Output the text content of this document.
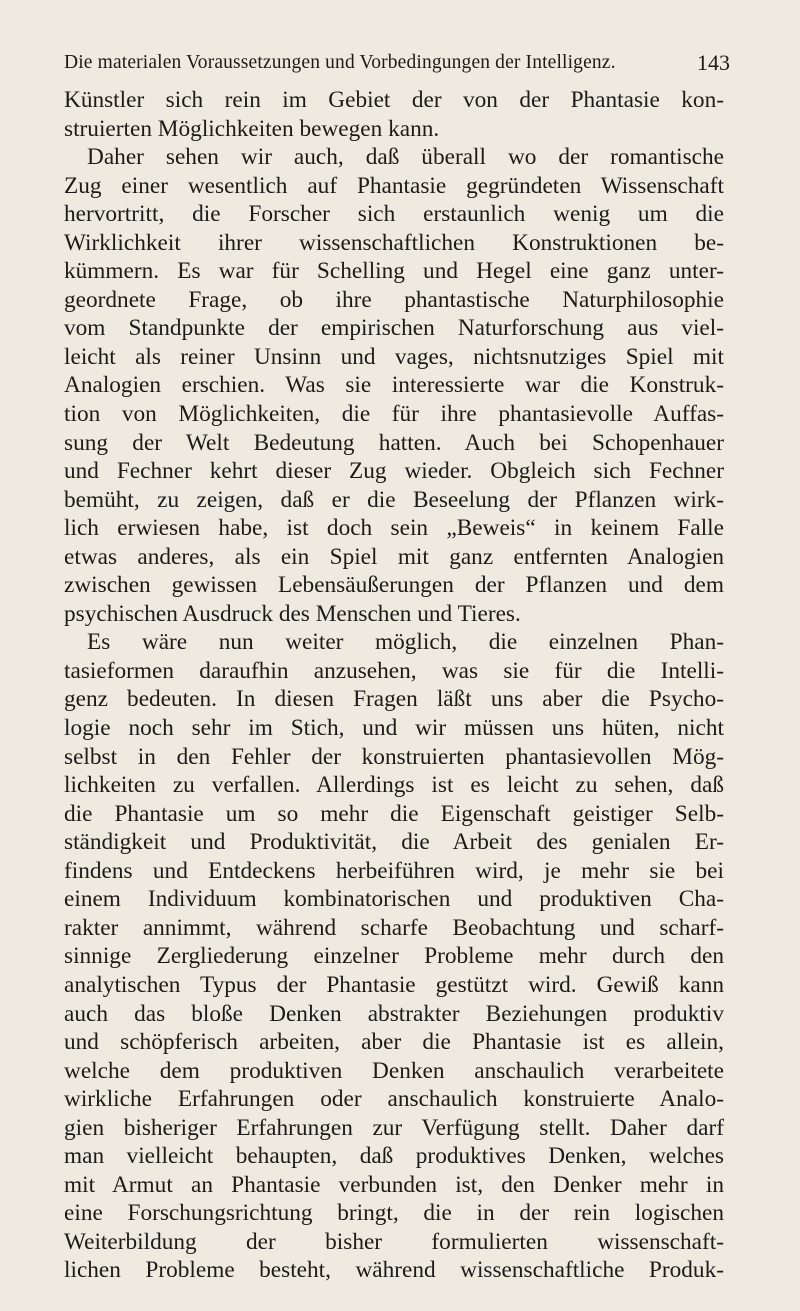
Die materialen Voraussetzungen und Vorbedingungen der Intelligenz.	143
Künstler sich rein im Gebiet der von der Phantasie kon-
struierten Möglichkeiten bewegen kann.
Daher sehen wir auch, daß überall wo der romantische
Zug einer wesentlich auf Phantasie gegründeten Wissenschaft
hervortritt, die Forscher sich erstaunlich wenig um die
Wirklichkeit ihrer wissenschaftlichen Konstruktionen be-
kümmern. Es war für Schelling und Hegel eine ganz unter-
geordnete Frage, ob ihre phantastische Naturphilosophie
vom Standpunkte der empirischen Naturforschung aus viel-
leicht als reiner Unsinn und vages, nichtsnutziges Spiel mit
Analogien erschien. Was sie interessierte war die Konstruk-
tion von Möglichkeiten, die für ihre phantasievolle Auffas-
sung der Welt Bedeutung hatten. Auch bei Schopenhauer
und Fechner kehrt dieser Zug wieder. Obgleich sich Fechner
bemüht, zu zeigen, daß er die Beseelung der Pflanzen wirk-
lich erwiesen habe, ist doch sein „Beweis“ in keinem Falle
etwas anderes, als ein Spiel mit ganz entfernten Analogien
zwischen gewissen Lebensäußerungen der Pflanzen und dem
psychischen Ausdruck des Menschen und Tieres.
Es wäre nun weiter möglich, die einzelnen Phan-
tasieformen daraufhin anzusehen, was sie für die Intelli-
genz bedeuten. In diesen Fragen läßt uns aber die Psycho-
logie noch sehr im Stich, und wir müssen uns hüten, nicht
selbst in den Fehler der konstruierten phantasievollen Mög-
lichkeiten zu verfallen. Allerdings ist es leicht zu sehen, daß
die Phantasie um so mehr die Eigenschaft geistiger Selb-
ständigkeit und Produktivität, die Arbeit des genialen Er-
findens und Entdeckens herbeiführen wird, je mehr sie bei
einem Individuum kombinatorischen und produktiven Cha-
rakter annimmt, während scharfe Beobachtung und scharf-
sinnige Zergliederung einzelner Probleme mehr durch den
analytischen Typus der Phantasie gestützt wird. Gewiß kann
auch das bloße Denken abstrakter Beziehungen produktiv
und schöpferisch arbeiten, aber die Phantasie ist es allein,
welche dem produktiven Denken anschaulich verarbeitete
wirkliche Erfahrungen oder anschaulich konstruierte Analo-
gien bisheriger Erfahrungen zur Verfügung stellt. Daher darf
man vielleicht behaupten, daß produktives Denken, welches
mit Armut an Phantasie verbunden ist, den Denker mehr in
eine Forschungsrichtung bringt, die in der rein logischen
Weiterbildung der bisher formulierten wissenschaft-
lichen Probleme besteht, während wissenschaftliche Produk-
